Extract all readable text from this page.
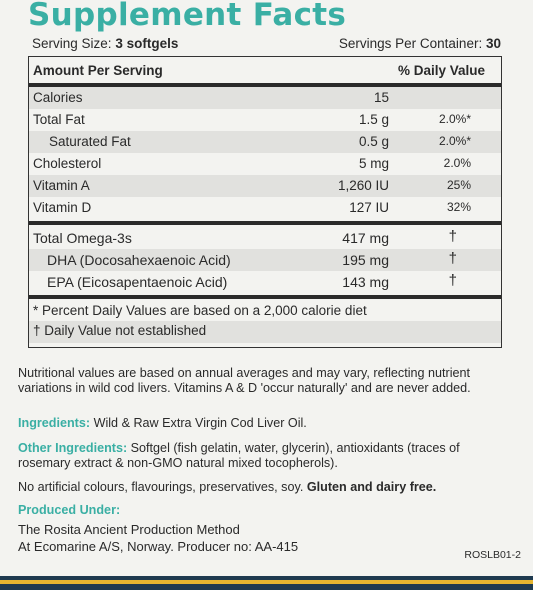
Supplement Facts
Serving Size: 3 softgels	Servings Per Container: 30
Amount Per Serving	% Daily Value
Calories	15
Total Fat	1.5 g	2.0%*
Saturated Fat	0.5 g	2.0%*
Cholesterol	5 mg	2.0%
Vitamin A	1,260 IU	25%
Vitamin D	127 IU	32%
Total Omega-3s	417 mg	†
DHA (Docosahexaenoic Acid)	195 mg	†
EPA (Eicosapentaenoic Acid)	143 mg	†
* Percent Daily Values are based on a 2,000 calorie diet
† Daily Value not established
Nutritional values are based on annual averages and may vary, reflecting nutrient variations in wild cod livers. Vitamins A & D 'occur naturally' and are never added.
Ingredients: Wild & Raw Extra Virgin Cod Liver Oil.
Other Ingredients: Softgel (fish gelatin, water, glycerin), antioxidants (traces of rosemary extract & non-GMO natural mixed tocopherols).
No artificial colours, flavourings, preservatives, soy. Gluten and dairy free.
Produced Under:
The Rosita Ancient Production Method
At Ecomarine A/S, Norway. Producer no: AA-415
ROSLB01-2
